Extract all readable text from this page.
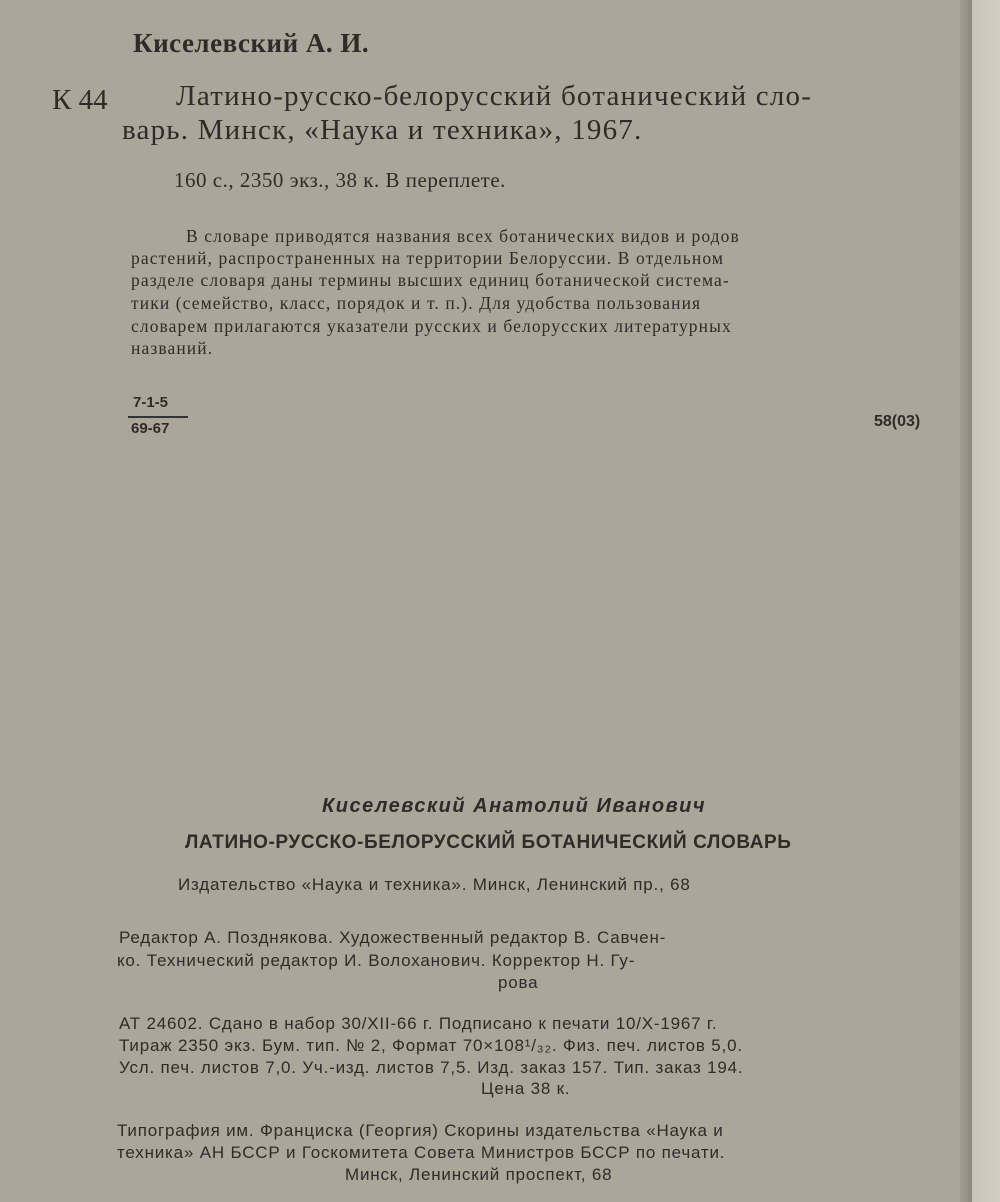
Киселевский А. И.
К 44 Латино-русско-белорусский ботанический сло-
варь. Минск, «Наука и техника», 1967.
160 с., 2350 экз., 38 к. В переплете.
В словаре приводятся названия всех ботанических видов и родов
растений, распространенных на территории Белоруссии. В отдельном
разделе словаря даны термины высших единиц ботанической система-
тики (семейство, класс, порядок и т. п.). Для удобства пользования
словарем прилагаются указатели русских и белорусских литературных
названий.
7-1-5
69-67	58(03)
Киселевский Анатолий Иванович
ЛАТИНО-РУССКО-БЕЛОРУССКИЙ БОТАНИЧЕСКИЙ СЛОВАРЬ
Издательство «Наука и техника». Минск, Ленинский пр., 68
Редактор А. Позднякова. Художественный редактор В. Савчен-
ко. Технический редактор И. Волоханович. Корректор Н. Гу-
рова
АТ 24602. Сдано в набор 30/XII-66 г. Подписано к печати 10/X-1967 г.
Тираж 2350 экз. Бум. тип. № 2, Формат 70×108¹/₃₂. Физ. печ. листов 5,0.
Усл. печ. листов 7,0. Уч.-изд. листов 7,5. Изд. заказ 157. Тип. заказ 194.
Цена 38 к.
Типография им. Франциска (Георгия) Скорины издательства «Наука и
техника» АН БССР и Госкомитета Совета Министров БССР по печати.
Минск, Ленинский проспект, 68
